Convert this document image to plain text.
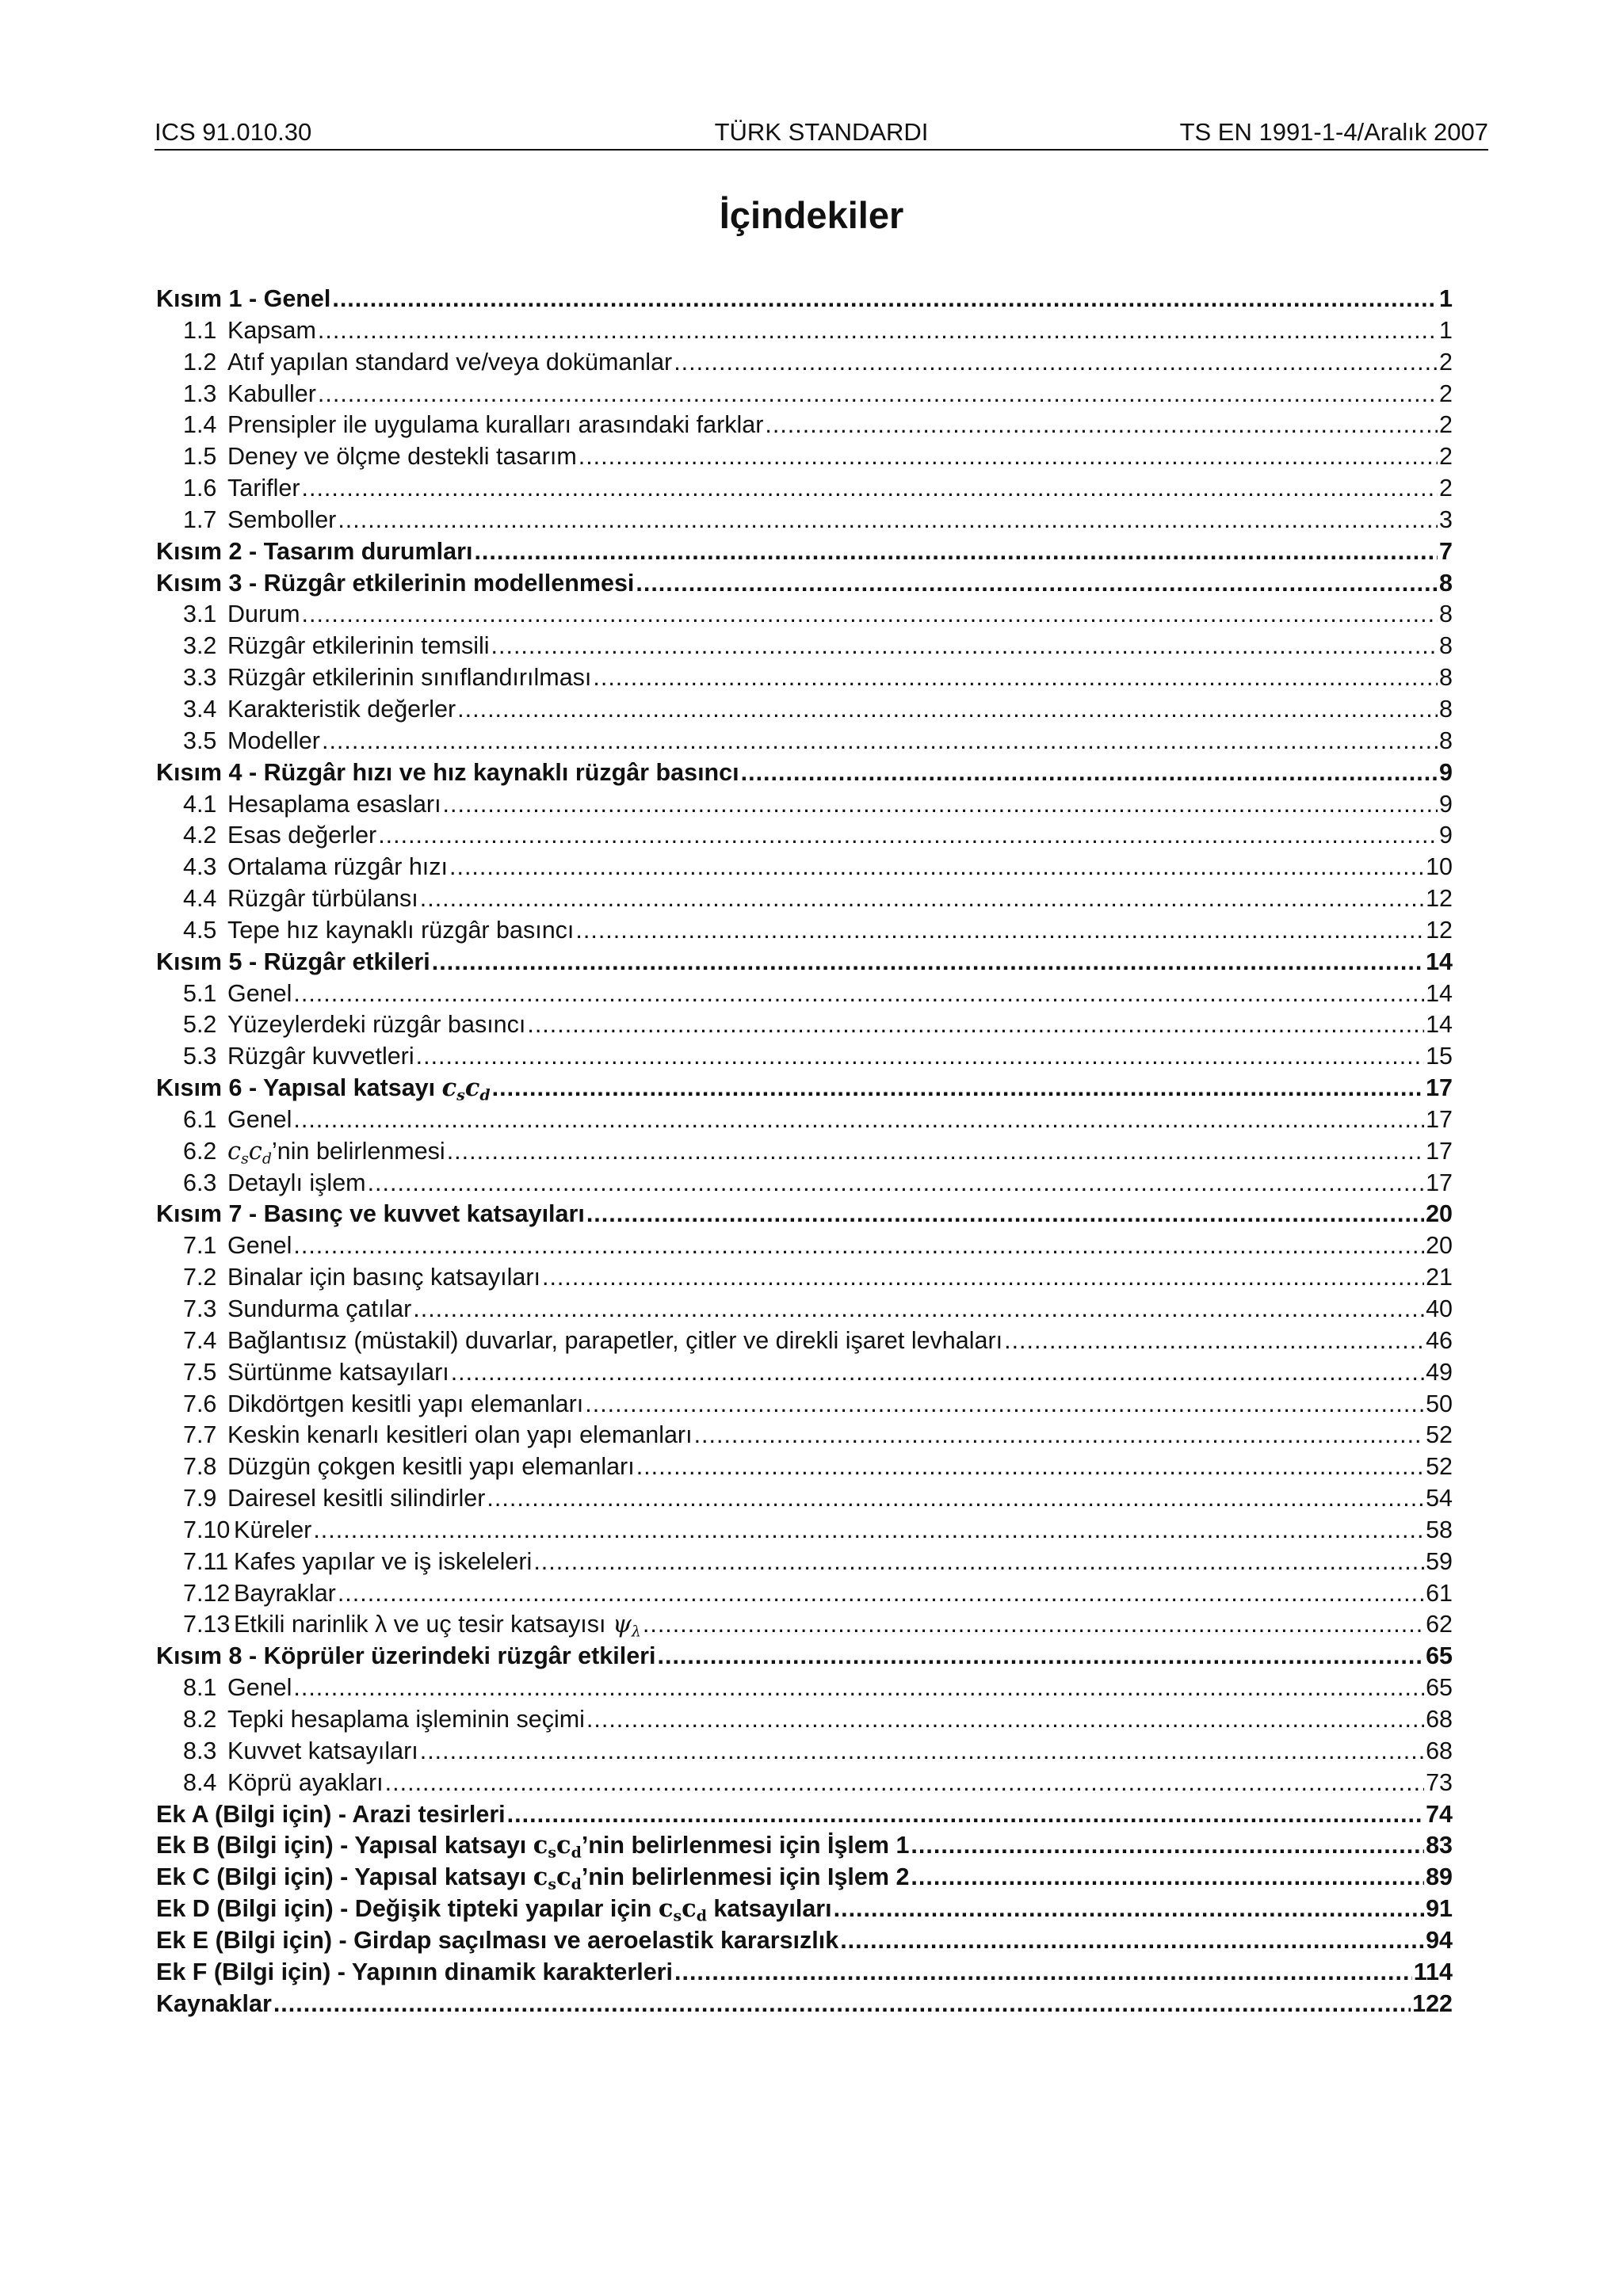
ICS 91.010.30	TÜRK STANDARDI	TS EN 1991-1-4/Aralık 2007
İçindekiler
Kısım 1 - Genel .....	1
1.1 Kapsam .....	1
1.2 Atıf yapılan standard ve/veya dokümanlar .....	2
1.3 Kabuller .....	2
1.4 Prensipler ile uygulama kuralları arasındaki farklar .....	2
1.5 Deney ve ölçme destekli tasarım .....	2
1.6 Tarifler .....	2
1.7 Semboller .....	3
Kısım 2 - Tasarım durumları .....	7
Kısım 3 - Rüzgâr etkilerinin modellenmesi .....	8
3.1 Durum .....	8
3.2 Rüzgâr etkilerinin temsili .....	8
3.3 Rüzgâr etkilerinin sınıflandırılması .....	8
3.4 Karakteristik değerler .....	8
3.5 Modeller .....	8
Kısım 4 - Rüzgâr hızı ve hız kaynaklı rüzgâr basıncı .....	9
4.1 Hesaplama esasları .....	9
4.2 Esas değerler .....	9
4.3 Ortalama rüzgâr hızı .....	10
4.4 Rüzgâr türbülansı .....	12
4.5 Tepe hız kaynaklı rüzgâr basıncı .....	12
Kısım 5 - Rüzgâr etkileri .....	14
5.1 Genel .....	14
5.2 Yüzeylerdeki rüzgâr basıncı .....	14
5.3 Rüzgâr kuvvetleri .....	15
Kısım 6 - Yapısal katsayı $c_sc_d$ .....	17
6.1 Genel .....	17
6.2 $c_sc_d’nin$ belirlenmesi .....	17
6.3 Detaylı işlem .....	17
Kısım 7 - Basınç ve kuvvet katsayıları .....	20
7.1 Genel .....	20
7.2 Binalar için basınç katsayıları .....	21
7.3 Sundurma çatılar .....	40
7.4 Bağlantısız (müstakil) duvarlar, parapetler, çitler ve direkli işaret levhaları .....	46
7.5 Sürtünme katsayıları .....	49
7.6 Dikdörtgen kesitli yapı elemanları .....	50
7.7 Keskin kenarlı kesitleri olan yapı elemanları .....	52
7.8 Düzgün çokgen kesitli yapı elemanları .....	52
7.9 Dairesel kesitli silindirler .....	54
7.10 Küreler .....	58
7.11 Kafes yapılar ve iş iskeleleri .....	59
7.12 Bayraklar .....	61
7.13 Etkili narinlik λ ve uç tesir katsayısı $\psi_\lambda$ .....	62
Kısım 8 - Köprüler üzerindeki rüzgâr etkileri .....	65
8.1 Genel .....	65
8.2 Tepki hesaplama işleminin seçimi .....	68
8.3 Kuvvet katsayıları .....	68
8.4 Köprü ayakları .....	73
Ek A (Bilgi için) - Arazi tesirleri .....	74
Ek B (Bilgi için) - Yapısal katsayı $c_sc_d’nin$ belirlenmesi için İşlem 1 .....	83
Ek C (Bilgi için) - Yapısal katsayı $c_sc_d’nin$ belirlenmesi için Işlem 2 .....	89
Ek D (Bilgi için) - Değişik tipteki yapılar için $c_sc_d$ katsayıları .....	91
Ek E (Bilgi için) - Girdap saçılması ve aeroelastik kararsızlık .....	94
Ek F (Bilgi için) - Yapının dinamik karakterleri .....	114
Kaynaklar .....	122
